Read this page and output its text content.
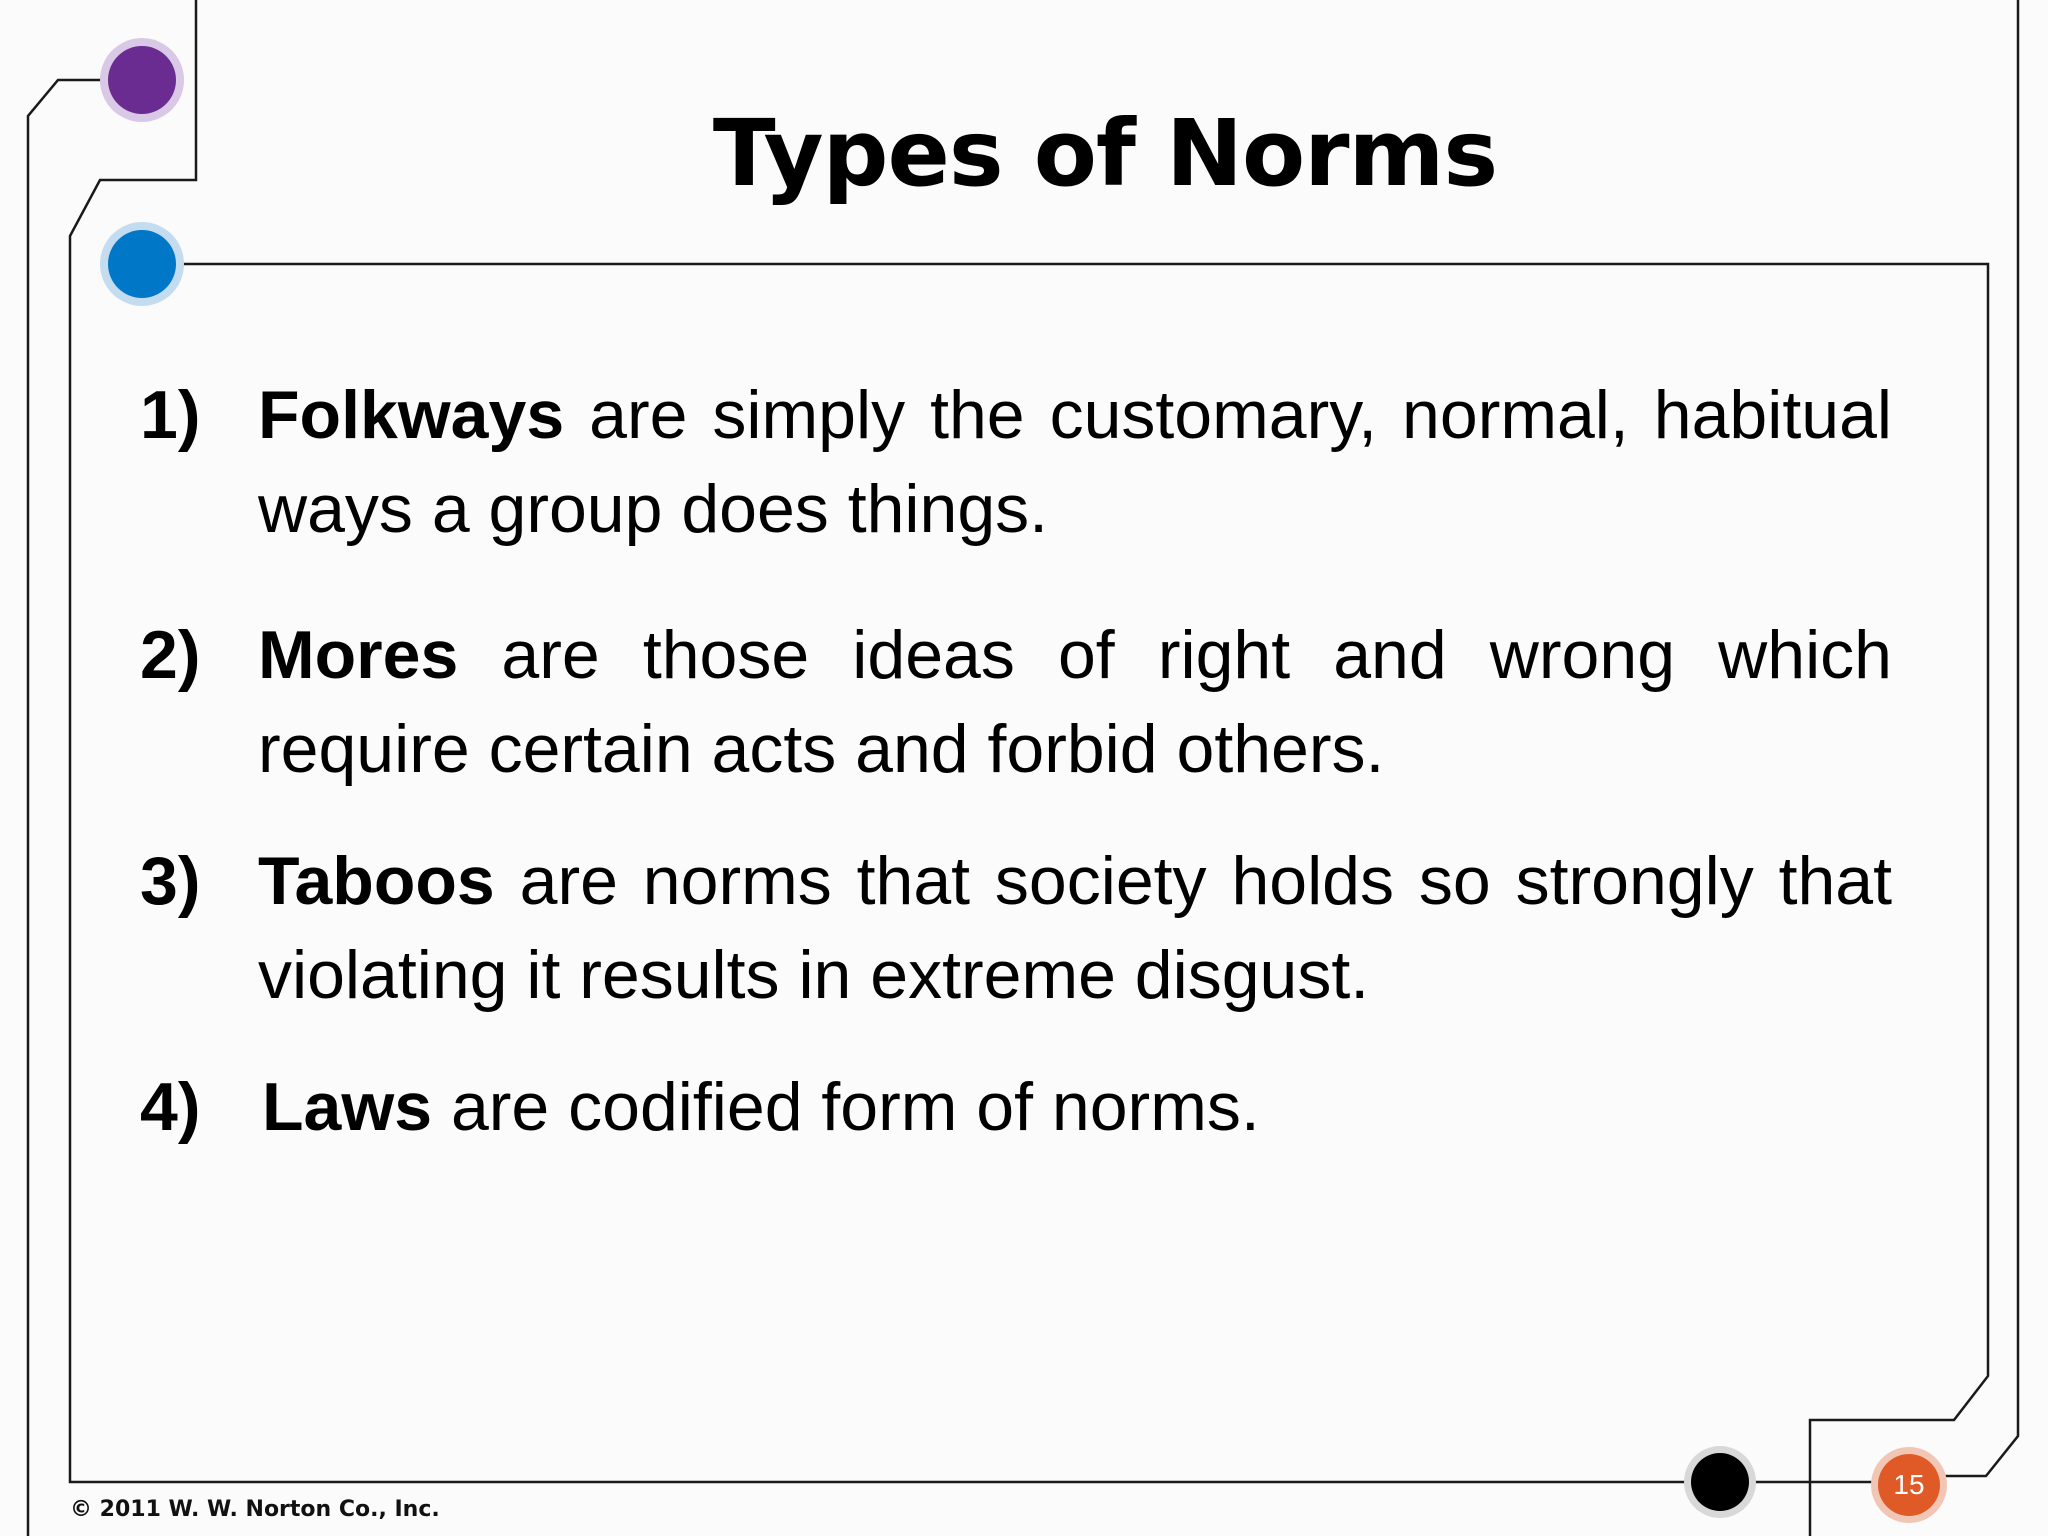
Types of Norms
1) Folkways are simply the customary, normal, habitual ways a group does things.
2) Mores are those ideas of right and wrong which require certain acts and forbid others.
3) Taboos are norms that society holds so strongly that violating it results in extreme disgust.
4) Laws are codified form of norms.
© 2011 W. W. Norton Co., Inc.
15
